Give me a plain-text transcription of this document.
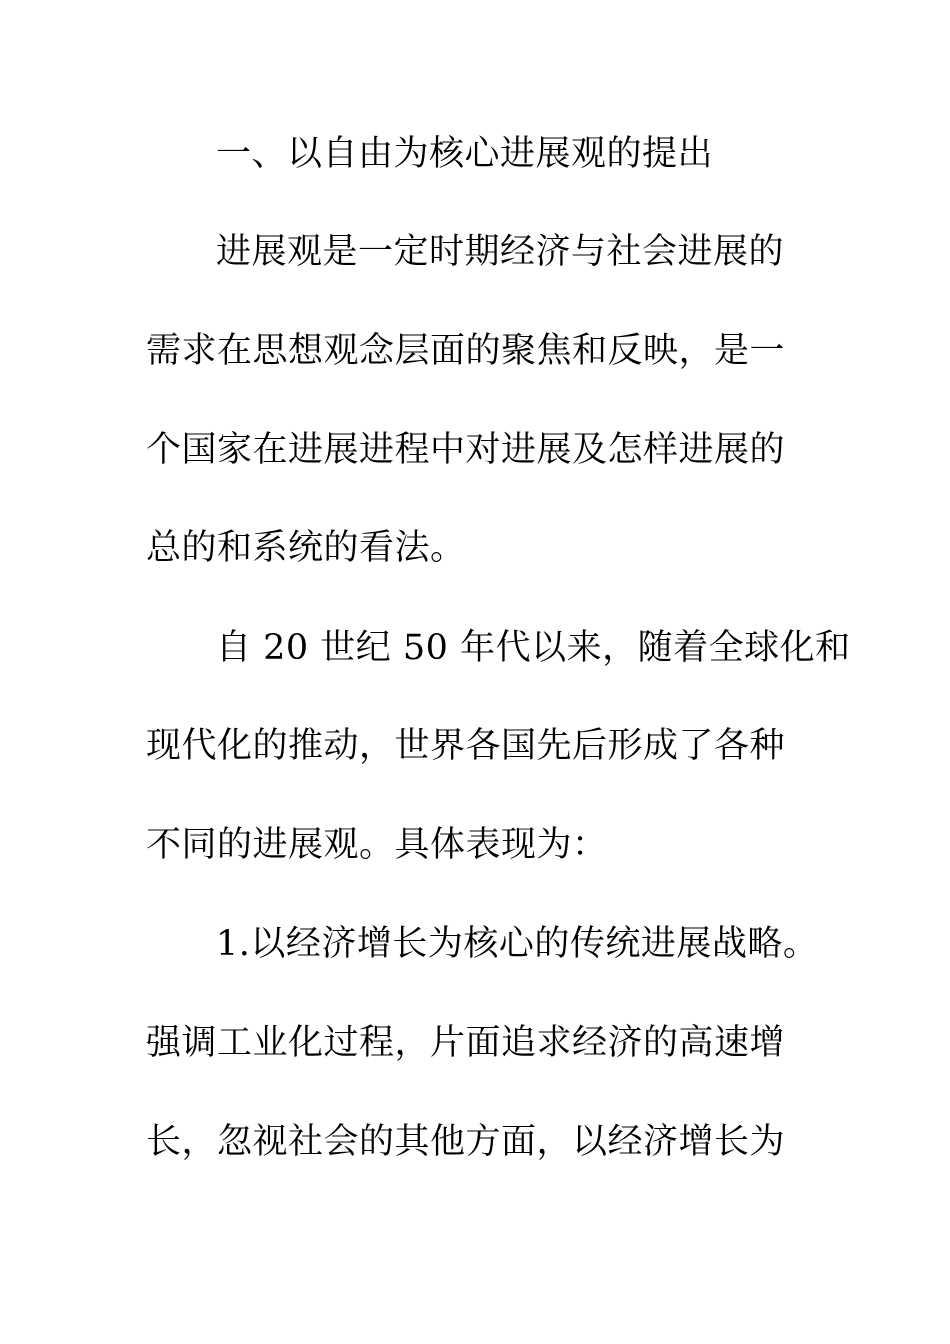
一、以自由为核心进展观的提出
进展观是一定时期经济与社会进展的
需求在思想观念层面的聚焦和反映，是一
个国家在进展进程中对进展及怎样进展的
总的和系统的看法。
自 20 世纪 50 年代以来，随着全球化和
现代化的推动，世界各国先后形成了各种
不同的进展观。具体表现为：
1.以经济增长为核心的传统进展战略。
强调工业化过程，片面追求经济的高速增
长，忽视社会的其他方面，以经济增长为
